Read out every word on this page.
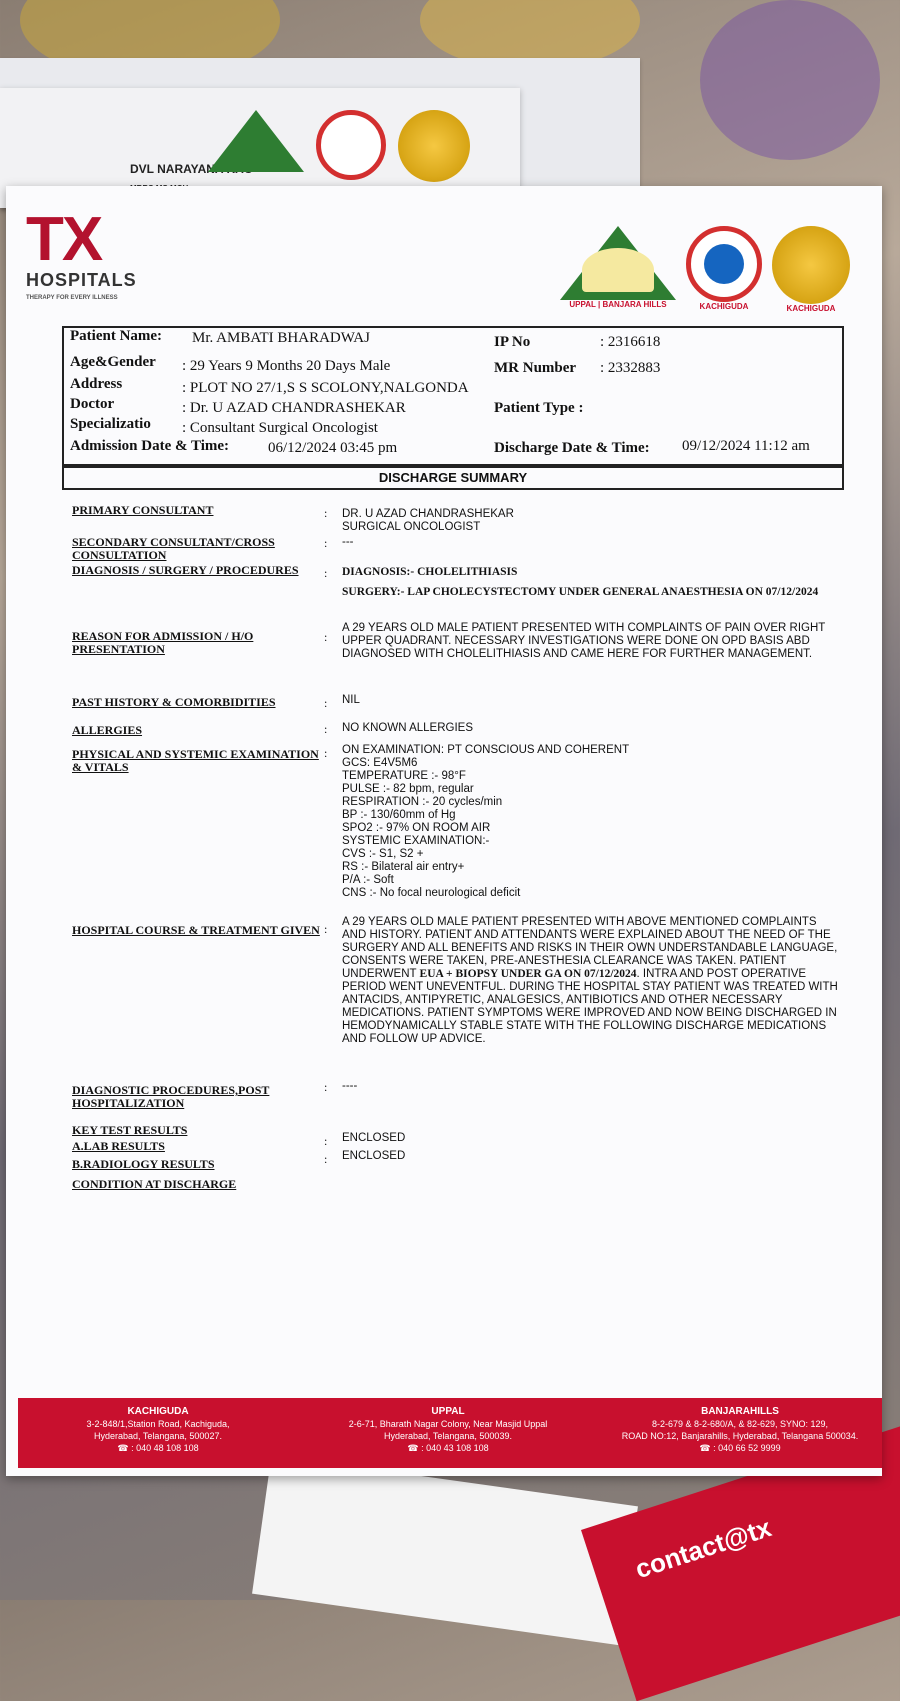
DVL NARAYANA RAO
contact@tx
TX
HOSPITALS
THERAPY FOR EVERY ILLNESS
UPPAL | BANJARA HILLS	KACHIGUDA	KACHIGUDA
Patient Name: Mr. AMBATI BHARADWAJ	IP No	: 2316618
Age&Gender : 29 Years 9 Months 20 Days Male	MR Number : 2332883
Address	: PLOT NO 27/1,S S SCOLONY,NALGONDA
Doctor	: Dr. U AZAD CHANDRASHEKAR	Patient Type :
Specializatio : Consultant Surgical Oncologist
Admission Date & Time:	06/12/2024 03:45 pm	Discharge Date & Time: 09/12/2024 11:12 am
DISCHARGE SUMMARY
PRIMARY CONSULTANT	: DR. U AZAD CHANDRASHEKAR
SURGICAL ONCOLOGIST
SECONDARY CONSULTANT/CROSS CONSULTATION
: ---
DIAGNOSIS / SURGERY / PROCEDURES	: DIAGNOSIS:- CHOLELITHIASIS
SURGERY:- LAP CHOLECYSTECTOMY UNDER GENERAL ANAESTHESIA ON 07/12/2024
REASON FOR ADMISSION / H/O PRESENTATION
:
A 29 YEARS OLD MALE PATIENT PRESENTED WITH COMPLAINTS OF PAIN OVER RIGHT UPPER QUADRANT. NECESSARY INVESTIGATIONS WERE DONE ON OPD BASIS ABD DIAGNOSED WITH CHOLELITHIASIS AND CAME HERE FOR FURTHER MANAGEMENT.
PAST HISTORY & COMORBIDITIES	: NIL
ALLERGIES	: NO KNOWN ALLERGIES
PHYSICAL AND SYSTEMIC EXAMINATION & VITALS
: ON EXAMINATION: PT CONSCIOUS AND COHERENT
GCS: E4V5M6
TEMPERATURE :- 98°F
PULSE :- 82 bpm, regular
RESPIRATION :- 20 cycles/min
BP :- 130/60mm of Hg
SPO2 :- 97% ON ROOM AIR
SYSTEMIC EXAMINATION:-
CVS :- S1, S2 +
RS :- Bilateral air entry+
P/A :- Soft
CNS :- No focal neurological deficit
HOSPITAL COURSE & TREATMENT GIVEN : A 29 YEARS OLD MALE PATIENT PRESENTED WITH ABOVE MENTIONED COMPLAINTS AND HISTORY. PATIENT AND ATTENDANTS WERE EXPLAINED ABOUT THE NEED OF THE SURGERY AND ALL BENEFITS AND RISKS IN THEIR OWN UNDERSTANDABLE LANGUAGE, CONSENTS WERE TAKEN, PRE-ANESTHESIA CLEARANCE WAS TAKEN. PATIENT UNDERWENT EUA + BIOPSY UNDER GA ON 07/12/2024. INTRA AND POST OPERATIVE PERIOD WENT UNEVENTFUL. DURING THE HOSPITAL STAY PATIENT WAS TREATED WITH ANTACIDS, ANTIPYRETIC, ANALGESICS, ANTIBIOTICS AND OTHER NECESSARY MEDICATIONS. PATIENT SYMPTOMS WERE IMPROVED AND NOW BEING DISCHARGED IN HEMODYNAMICALLY STABLE STATE WITH THE FOLLOWING DISCHARGE MEDICATIONS AND FOLLOW UP ADVICE.
DIAGNOSTIC PROCEDURES,POST HOSPITALIZATION
: ----
KEY TEST RESULTS
A.LAB RESULTS	: ENCLOSED
B.RADIOLOGY RESULTS	: ENCLOSED
CONDITION AT DISCHARGE
KACHIGUDA
3-2-848/1,Station Road, Kachiguda,
Hyderabad, Telangana, 500027.
☎ : 040 48 108 108
UPPAL
2-6-71, Bharath Nagar Colony, Near Masjid Uppal
Hyderabad, Telangana, 500039.
☎ : 040 43 108 108
BANJARAHILLS
8-2-679 & 8-2-680/A, & 82-629, SYNO: 129,
ROAD NO:12, Banjarahills, Hyderabad, Telangana 500034.
☎ : 040 66 52 9999
